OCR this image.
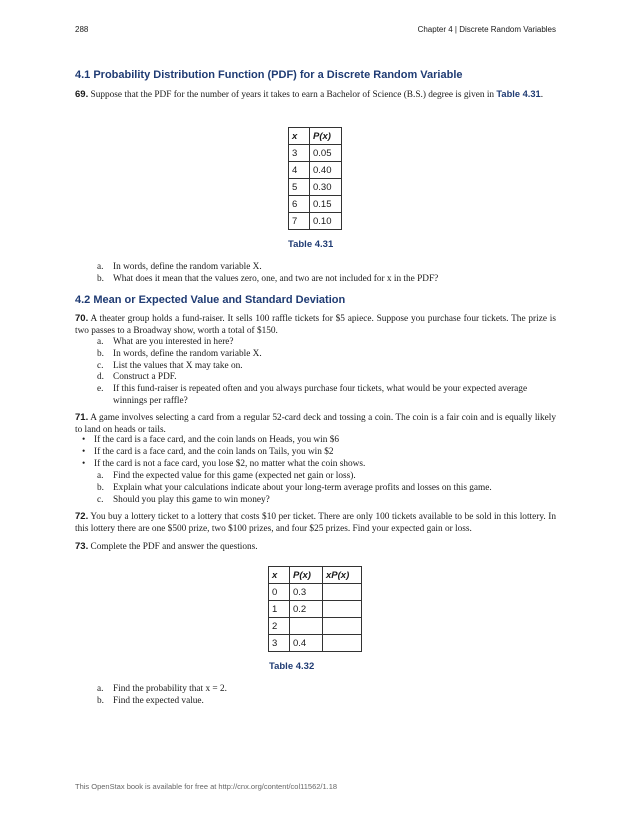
288	Chapter 4 | Discrete Random Variables
4.1 Probability Distribution Function (PDF) for a Discrete Random Variable
69. Suppose that the PDF for the number of years it takes to earn a Bachelor of Science (B.S.) degree is given in Table 4.31.
x	P(x)
3	0.05
4	0.40
5	0.30
6	0.15
7	0.10
Table 4.31
a. In words, define the random variable X.
b. What does it mean that the values zero, one, and two are not included for x in the PDF?
4.2 Mean or Expected Value and Standard Deviation
70. A theater group holds a fund-raiser. It sells 100 raffle tickets for $5 apiece. Suppose you purchase four tickets. The prize is two passes to a Broadway show, worth a total of $150.
a. What are you interested in here?
b. In words, define the random variable X.
c. List the values that X may take on.
d. Construct a PDF.
e. If this fund-raiser is repeated often and you always purchase four tickets, what would be your expected average winnings per raffle?
71. A game involves selecting a card from a regular 52-card deck and tossing a coin. The coin is a fair coin and is equally likely to land on heads or tails.
• If the card is a face card, and the coin lands on Heads, you win $6
• If the card is a face card, and the coin lands on Tails, you win $2
• If the card is not a face card, you lose $2, no matter what the coin shows.
a. Find the expected value for this game (expected net gain or loss).
b. Explain what your calculations indicate about your long-term average profits and losses on this game.
c. Should you play this game to win money?
72. You buy a lottery ticket to a lottery that costs $10 per ticket. There are only 100 tickets available to be sold in this lottery. In this lottery there are one $500 prize, two $100 prizes, and four $25 prizes. Find your expected gain or loss.
73. Complete the PDF and answer the questions.
x	P(x)	xP(x)
0	0.3	
1	0.2	
2		
3	0.4	
Table 4.32
a. Find the probability that x = 2.
b. Find the expected value.
This OpenStax book is available for free at http://cnx.org/content/col11562/1.18
